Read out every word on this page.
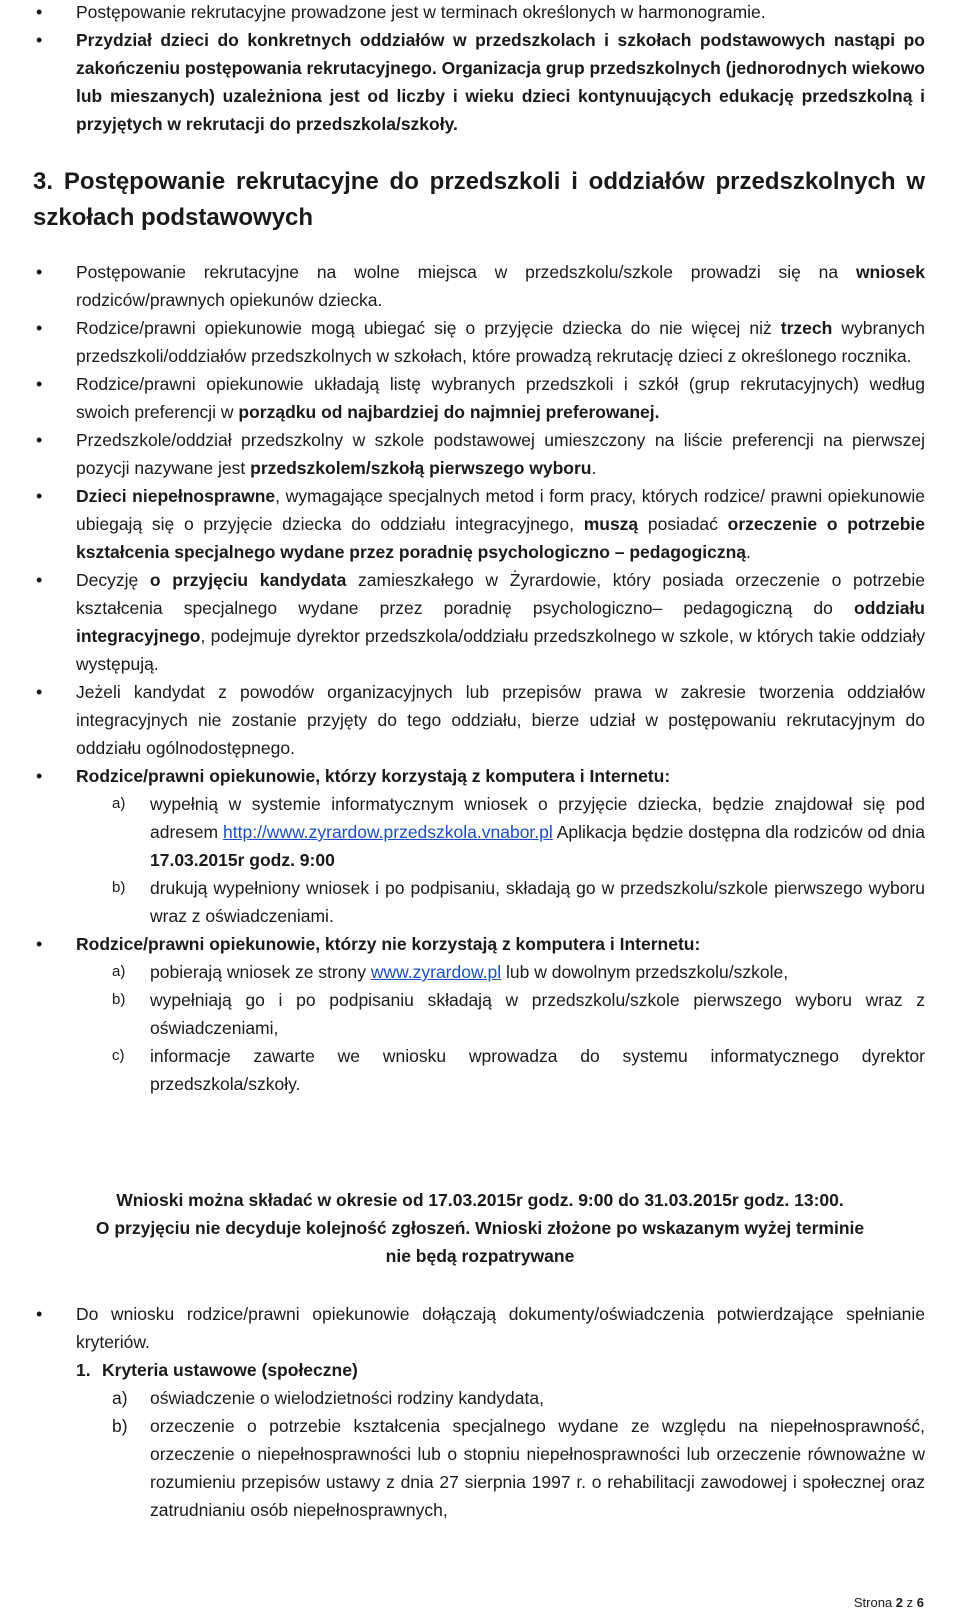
• Postępowanie rekrutacyjne prowadzone jest w terminach określonych w harmonogramie.
• Przydział dzieci do konkretnych oddziałów w przedszkolach i szkołach podstawowych nastąpi po zakończeniu postępowania rekrutacyjnego. Organizacja grup przedszkolnych (jednorodnych wiekowo lub mieszanych) uzależniona jest od liczby i wieku dzieci kontynuujących edukację przedszkolną i przyjętych w rekrutacji do przedszkola/szkoły.
3. Postępowanie rekrutacyjne do przedszkoli i oddziałów przedszkolnych w szkołach podstawowych
• Postępowanie rekrutacyjne na wolne miejsca w przedszkolu/szkole prowadzi się na wniosek rodziców/prawnych opiekunów dziecka.
• Rodzice/prawni opiekunowie mogą ubiegać się o przyjęcie dziecka do nie więcej niż trzech wybranych przedszkoli/oddziałów przedszkolnych w szkołach, które prowadzą rekrutację dzieci z określonego rocznika.
• Rodzice/prawni opiekunowie układają listę wybranych przedszkoli i szkół (grup rekrutacyjnych) według swoich preferencji w porządku od najbardziej do najmniej preferowanej.
• Przedszkole/oddział przedszkolny w szkole podstawowej umieszczony na liście preferencji na pierwszej pozycji nazywane jest przedszkolem/szkołą pierwszego wyboru.
• Dzieci niepełnosprawne, wymagające specjalnych metod i form pracy, których rodzice/ prawni opiekunowie ubiegają się o przyjęcie dziecka do oddziału integracyjnego, muszą posiadać orzeczenie o potrzebie kształcenia specjalnego wydane przez poradnię psychologiczno – pedagogiczną.
• Decyzję o przyjęciu kandydata zamieszkałego w Żyrardowie, który posiada orzeczenie o potrzebie kształcenia specjalnego wydane przez poradnię psychologiczno– pedagogiczną do oddziału integracyjnego, podejmuje dyrektor przedszkola/oddziału przedszkolnego w szkole, w których takie oddziały występują.
• Jeżeli kandydat z powodów organizacyjnych lub przepisów prawa w zakresie tworzenia oddziałów integracyjnych nie zostanie przyjęty do tego oddziału, bierze udział w postępowaniu rekrutacyjnym do oddziału ogólnodostępnego.
• Rodzice/prawni opiekunowie, którzy korzystają z komputera i Internetu:
a) wypełnią w systemie informatycznym wniosek o przyjęcie dziecka, będzie znajdował się pod adresem http://www.zyrardow.przedszkola.vnabor.pl Aplikacja będzie dostępna dla rodziców od dnia 17.03.2015r godz. 9:00
b) drukują wypełniony wniosek i po podpisaniu, składają go w przedszkolu/szkole pierwszego wyboru wraz z oświadczeniami.
• Rodzice/prawni opiekunowie, którzy nie korzystają z komputera i Internetu:
a) pobierają wniosek ze strony www.zyrardow.pl lub w dowolnym przedszkolu/szkole,
b) wypełniają go i po podpisaniu składają w przedszkolu/szkole pierwszego wyboru wraz z oświadczeniami,
c) informacje zawarte we wniosku wprowadza do systemu informatycznego dyrektor przedszkola/szkoły.
Wnioski można składać w okresie od 17.03.2015r godz. 9:00 do 31.03.2015r godz. 13:00.
O przyjęciu nie decyduje kolejność zgłoszeń. Wnioski złożone po wskazanym wyżej terminie
nie będą rozpatrywane
• Do wniosku rodzice/prawni opiekunowie dołączają dokumenty/oświadczenia potwierdzające spełnianie kryteriów.
1. Kryteria ustawowe (społeczne)
a) oświadczenie o wielodzietności rodziny kandydata,
b) orzeczenie o potrzebie kształcenia specjalnego wydane ze względu na niepełnosprawność, orzeczenie o niepełnosprawności lub o stopniu niepełnosprawności lub orzeczenie równoważne w rozumieniu przepisów ustawy z dnia 27 sierpnia 1997 r. o rehabilitacji zawodowej i społecznej oraz zatrudnianiu osób niepełnosprawnych,
Strona 2 z 6
